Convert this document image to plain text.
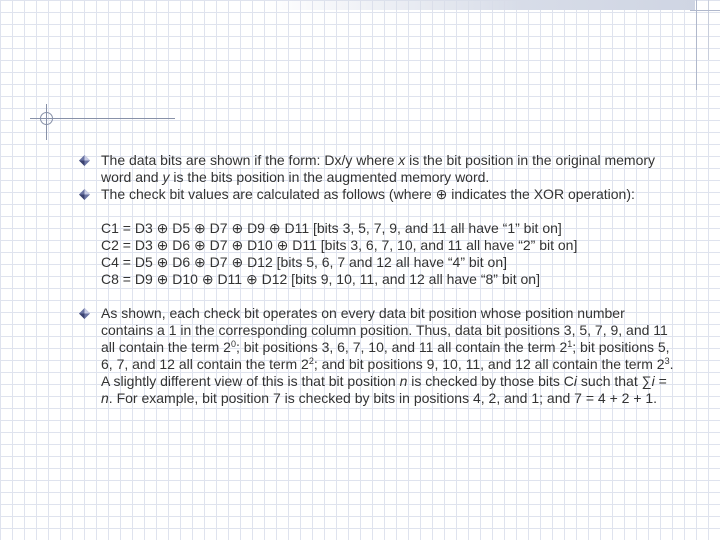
The data bits are shown if the form: Dx/y where x is the bit position in the original memory word and y is the bits position in the augmented memory word.

The check bit values are calculated as follows (where ⊕ indicates the XOR operation):

C1 = D3 ⊕ D5 ⊕ D7 ⊕ D9 ⊕ D11 [bits 3, 5, 7, 9, and 11 all have “1” bit on]
C2 = D3 ⊕ D6 ⊕ D7 ⊕ D10 ⊕ D11 [bits 3, 6, 7, 10, and 11 all have “2” bit on]
C4 = D5 ⊕ D6 ⊕ D7 ⊕ D12 [bits 5, 6, 7 and 12 all have “4” bit on]
C8 = D9 ⊕ D10 ⊕ D11 ⊕ D12 [bits 9, 10, 11, and 12 all have “8” bit on]

As shown, each check bit operates on every data bit position whose position number contains a 1 in the corresponding column position. Thus, data bit positions 3, 5, 7, 9, and 11 all contain the term $2^0$; bit positions 3, 6, 7, 10, and 11 all contain the term $2^1$; bit positions 5, 6, 7, and 12 all contain the term $2^2$; and bit positions 9, 10, 11, and 12 all contain the term $2^3$. A slightly different view of this is that bit position n is checked by those bits Ci such that ∑i = n. For example, bit position 7 is checked by bits in positions 4, 2, and 1; and 7 = 4 + 2 + 1.
